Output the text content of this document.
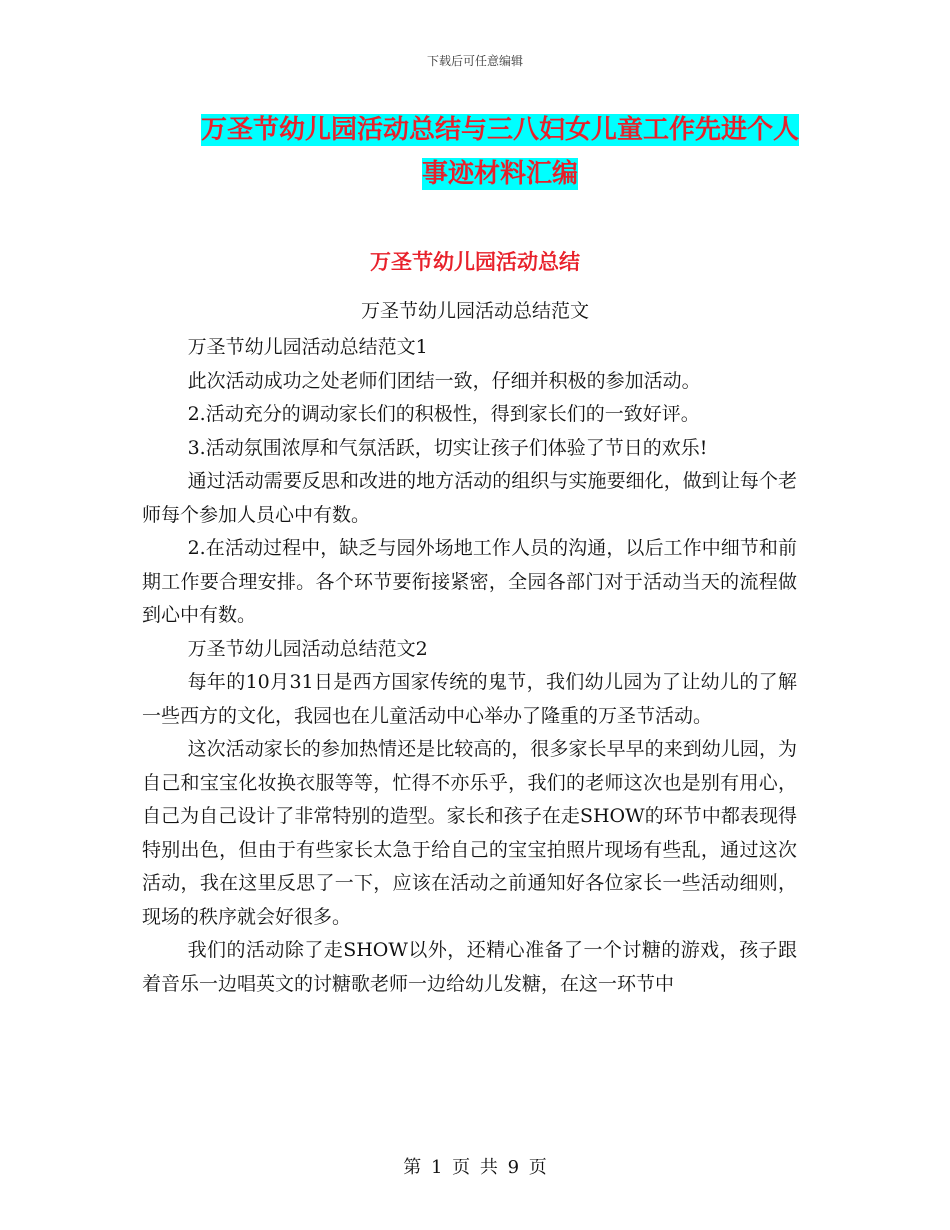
下载后可任意编辑
万圣节幼儿园活动总结与三八妇女儿童工作先进个人
事迹材料汇编
万圣节幼儿园活动总结
万圣节幼儿园活动总结范文

万圣节幼儿园活动总结范文1

此次活动成功之处老师们团结一致，仔细并积极的参加活动。

2.活动充分的调动家长们的积极性，得到家长们的一致好评。

3.活动氛围浓厚和气氛活跃，切实让孩子们体验了节日的欢乐!

通过活动需要反思和改进的地方活动的组织与实施要细化，做到让每个老师每个参加人员心中有数。

2.在活动过程中，缺乏与园外场地工作人员的沟通，以后工作中细节和前期工作要合理安排。各个环节要衔接紧密，全园各部门对于活动当天的流程做到心中有数。

万圣节幼儿园活动总结范文2

每年的10月31日是西方国家传统的鬼节，我们幼儿园为了让幼儿的了解一些西方的文化，我园也在儿童活动中心举办了隆重的万圣节活动。

这次活动家长的参加热情还是比较高的，很多家长早早的来到幼儿园，为自己和宝宝化妆换衣服等等，忙得不亦乐乎，我们的老师这次也是别有用心，自己为自己设计了非常特别的造型。家长和孩子在走SHOW的环节中都表现得特别出色，但由于有些家长太急于给自己的宝宝拍照片现场有些乱，通过这次活动，我在这里反思了一下，应该在活动之前通知好各位家长一些活动细则，现场的秩序就会好很多。

我们的活动除了走SHOW以外，还精心准备了一个讨糖的游戏，孩子跟着音乐一边唱英文的讨糖歌老师一边给幼儿发糖，在这一环节中

第 1 页 共 9 页
